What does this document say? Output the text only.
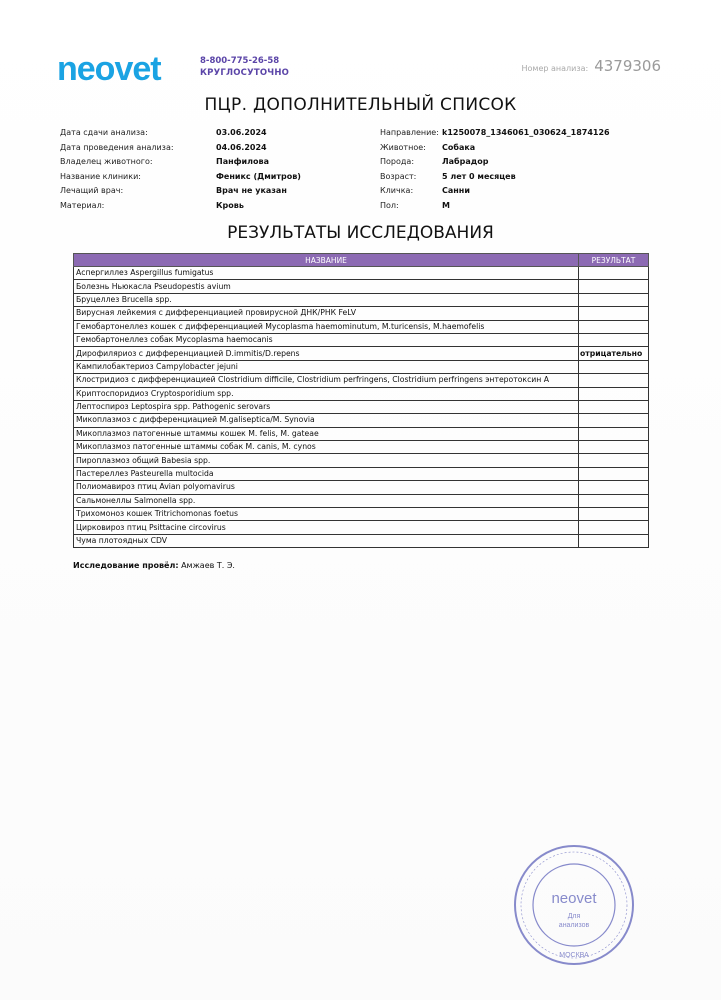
neovet	8-800-775-26-58
КРУГЛОСУТОЧНО	Номер анализа: 4379306
ПЦР. ДОПОЛНИТЕЛЬНЫЙ СПИСОК
Дата сдачи анализа:	03.06.2024
Дата проведения анализа:	04.06.2024
Владелец животного:	Панфилова
Название клиники:	Феникс (Дмитров)
Лечащий врач:	Врач не указан
Материал:	Кровь
Направление: k1250078_1346061_030624_1874126
Животное:	Собака
Порода:	Лабрадор
Возраст:	5 лет 0 месяцев
Кличка:	Санни
Пол:	М
РЕЗУЛЬТАТЫ ИССЛЕДОВАНИЯ
НАЗВАНИЕ	РЕЗУЛЬТАТ
Аспергиллез Aspergillus fumigatus	
Болезнь Ньюкасла Pseudopestis avium	
Бруцеллез Brucella spp.	
Вирусная лейкемия с дифференциацией провирусной ДНК/РНК FeLV	
Гемобартонеллез кошек с дифференциацией Mycoplasma haemominutum, M.turicensis, M.haemofelis	
Гемобартонеллез собак Mycoplasma haemocanis	
Дирофиляриоз с дифференциацией D.immitis/D.repens	отрицательно
Кампилобактериоз Campylobacter jejuni	
Клостридиоз с дифференциацией Clostridium difficile, Clostridium perfringens, Clostridium perfringens энтеротоксин А	
Криптоспоридиоз Cryptosporidium spp.	
Лептоспироз Leptospira spp. Pathogenic serovars	
Микоплазмоз с дифференциацией M.galiseptica/M. Synovia	
Микоплазмоз патогенные штаммы кошек M. felis, M. gateae	
Микоплазмоз патогенные штаммы собак M. canis, M. cynos	
Пироплазмоз общий Babesia spp.	
Пастереллез Pasteurella multocida	
Полиомавироз птиц Avian polyomavirus	
Сальмонеллы Salmonella spp.	
Трихомоноз кошек Tritrichomonas foetus	
Цирковироз птиц Psittacine circovirus	
Чума плотоядных CDV	
Исследование провёл: Амжаев Т. Э.
neovet
Для
анализов
МОСКВА
